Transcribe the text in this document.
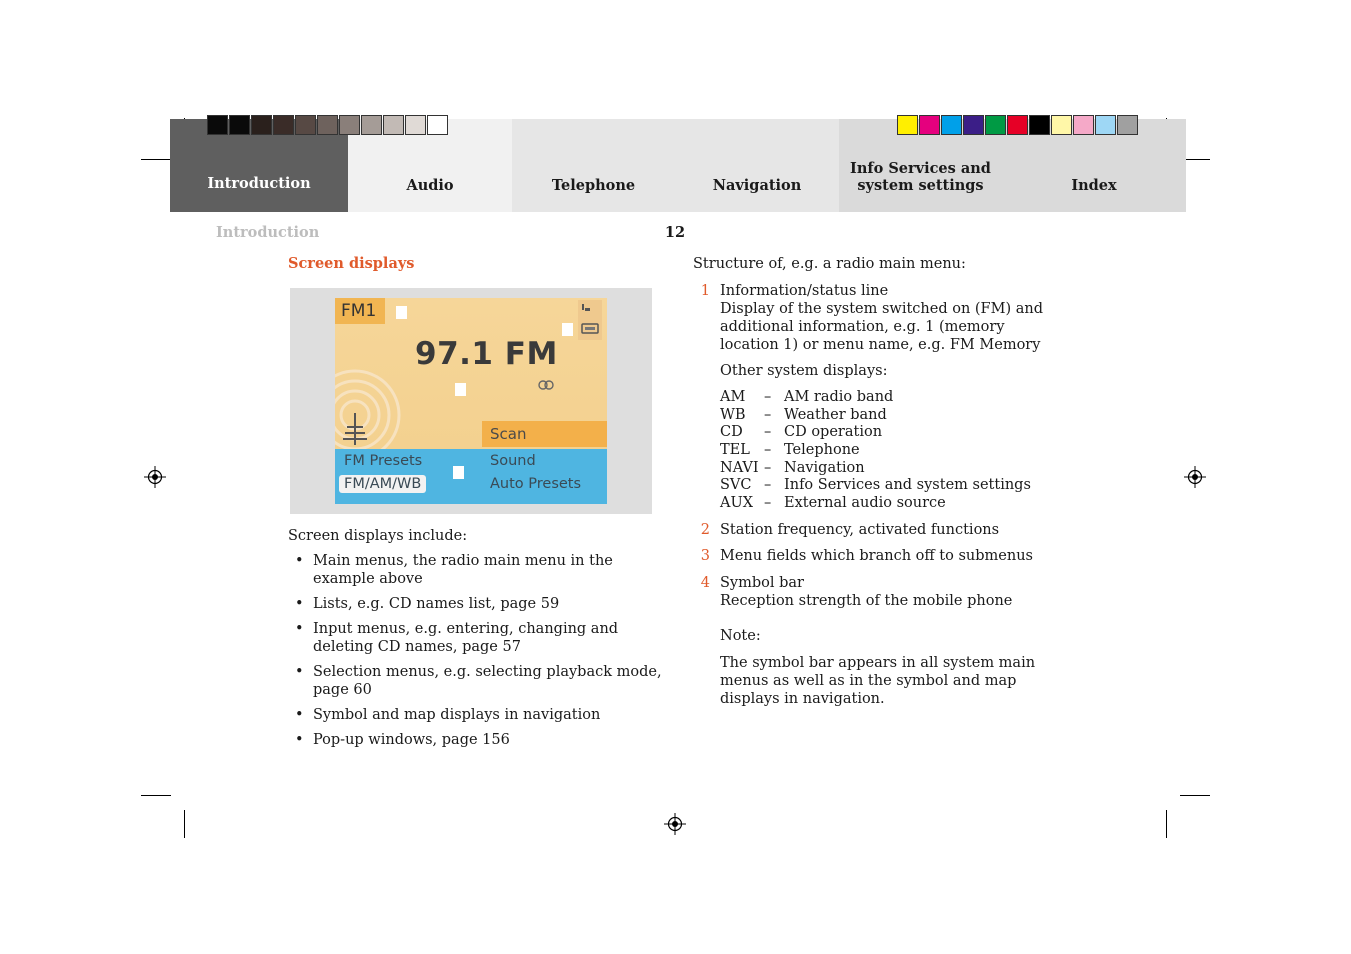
Introduction	Audio	Telephone	Navigation
Info Services and
system settings	Index
Introduction	12
Screen displays
FM1
97.1 FM
Scan
FM Presets	Sound
FM/AM/WB	Auto Presets
Screen displays include:
• Main menus, the radio main menu in the example above
• Lists, e.g. CD names list, page 59
• Input menus, e.g. entering, changing and deleting CD names, page 57
• Selection menus, e.g. selecting playback mode, page 60
• Symbol and map displays in navigation
• Pop-up windows, page 156
Structure of, e.g. a radio main menu:
1 Information/status line
Display of the system switched on (FM) and additional information, e.g. 1 (memory location 1) or menu name, e.g. FM Memory
Other system displays:
AM	– AM radio band
WB	– Weather band
CD	– CD operation
TEL – Telephone
NAVI – Navigation
SVC – Info Services and system settings
AUX – External audio source
2 Station frequency, activated functions
3 Menu fields which branch off to submenus
4 Symbol bar
Reception strength of the mobile phone
Note:
The symbol bar appears in all system main menus as well as in the symbol and map displays in navigation.
